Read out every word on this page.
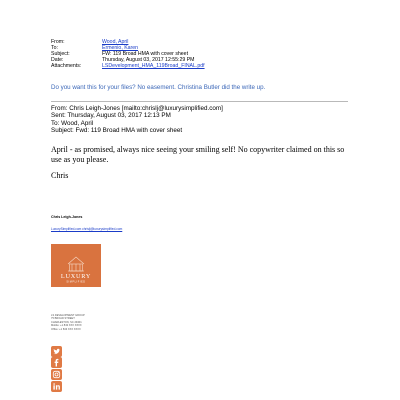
From:	Wood, April
To:	Ermenio, Karen
Subject:	FW: 119 Broad HMA with cover sheet
Date:	Thursday, August 03, 2017 12:55:29 PM
Attachments:	LSDevelopment_HMA_119Broad_FINAL.pdf
Do you want this for your files? No easement. Christina Butler did the write up.
From: Chris Leigh-Jones [mailto:chrislj@luxurysimplified.com]
Sent: Thursday, August 03, 2017 12:13 PM
To: Wood, April
Subject: Fwd: 119 Broad HMA with cover sheet
April - as promised, always nice seeing your smiling self! No copywriter claimed on this so use as you please.
Chris
Chris Leigh-Jones
LuxurySimplified.com chrislj@luxurysimplified.com
LUXURY
SIMPLIFIED
LS DEVELOPMENT GROUP
75 BROAD STREET
CHARLESTON, SC 29401
Mobile: +1 843 XXX XXXX
Office: +1 843 XXX XXXX
